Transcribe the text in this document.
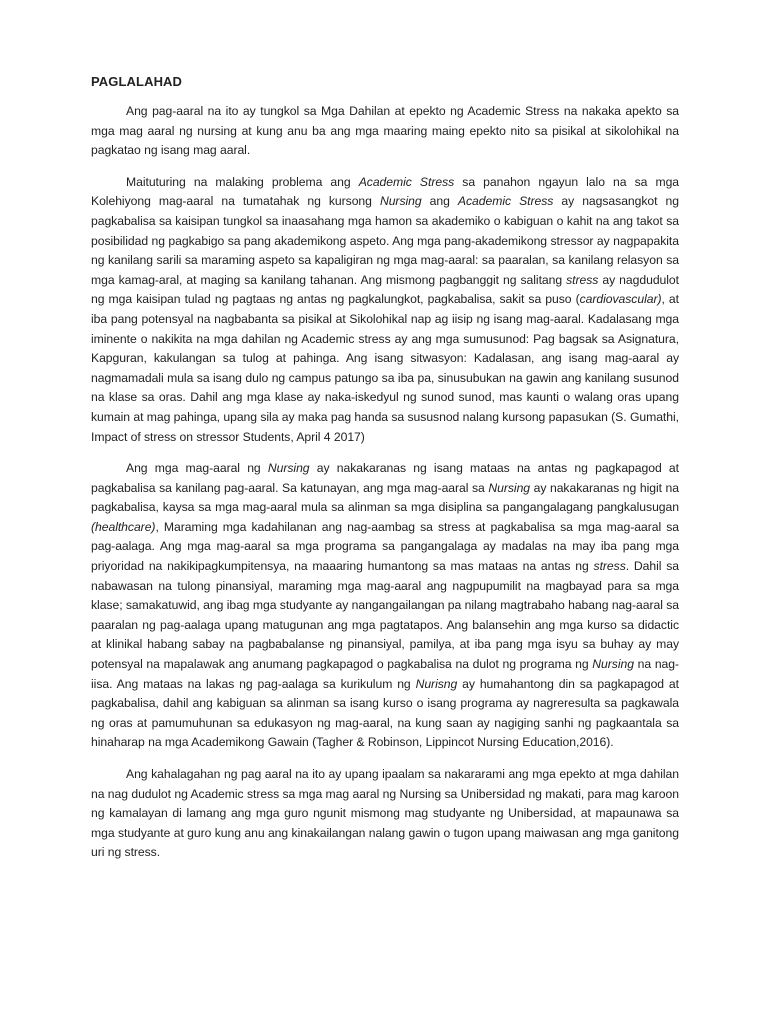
PAGLALAHAD

Ang pag-aaral na ito ay tungkol sa Mga Dahilan at epekto ng Academic Stress na nakaka apekto sa mga mag aaral ng nursing at kung anu ba ang mga maaring maing epekto nito sa pisikal at sikolohikal na pagkatao ng isang mag aaral.

Maituturing na malaking problema ang Academic Stress sa panahon ngayun lalo na sa mga Kolehiyong mag-aaral na tumatahak ng kursong Nursing ang Academic Stress ay nagsasangkot ng pagkabalisa sa kaisipan tungkol sa inaasahang mga hamon sa akademiko o kabiguan o kahit na ang takot sa posibilidad ng pagkabigo sa pang akademikong aspeto. Ang mga pang-akademikong stressor ay nagpapakita ng kanilang sarili sa maraming aspeto sa kapaligiran ng mga mag-aaral: sa paaralan, sa kanilang relasyon sa mga kamag-aral, at maging sa kanilang tahanan. Ang mismong pagbanggit ng salitang stress ay nagdudulot ng mga kaisipan tulad ng pagtaas ng antas ng pagkalungkot, pagkabalisa, sakit sa puso (cardiovascular), at iba pang potensyal na nagbabanta sa pisikal at Sikolohikal nap ag iisip ng isang mag-aaral. Kadalasang mga iminente o nakikita na mga dahilan ng Academic stress ay ang mga sumusunod: Pag bagsak sa Asignatura, Kapguran, kakulangan sa tulog at pahinga. Ang isang sitwasyon: Kadalasan, ang isang mag-aaral ay nagmamadali mula sa isang dulo ng campus patungo sa iba pa, sinusubukan na gawin ang kanilang susunod na klase sa oras. Dahil ang mga klase ay naka-iskedyul ng sunod sunod, mas kaunti o walang oras upang kumain at mag pahinga, upang sila ay maka pag handa sa sususnod nalang kursong papasukan (S. Gumathi, Impact of stress on stressor Students, April 4 2017)

Ang mga mag-aaral ng Nursing ay nakakaranas ng isang mataas na antas ng pagkapagod at pagkabalisa sa kanilang pag-aaral. Sa katunayan, ang mga mag-aaral sa Nursing ay nakakaranas ng higit na pagkabalisa, kaysa sa mga mag-aaral mula sa alinman sa mga disiplina sa pangangalagang pangkalusugan (healthcare), Maraming mga kadahilanan ang nag-aambag sa stress at pagkabalisa sa mga mag-aaral sa pag-aalaga. Ang mga mag-aaral sa mga programa sa pangangalaga ay madalas na may iba pang mga priyoridad na nakikipagkumpitensya, na maaaring humantong sa mas mataas na antas ng stress. Dahil sa nabawasan na tulong pinansiyal, maraming mga mag-aaral ang nagpupumilit na magbayad para sa mga klase; samakatuwid, ang ibag mga studyante ay nangangailangan pa nilang magtrabaho habang nag-aaral sa paaralan ng pag-aalaga upang matugunan ang mga pagtatapos. Ang balansehin ang mga kurso sa didactic at klinikal habang sabay na pagbabalanse ng pinansiyal, pamilya, at iba pang mga isyu sa buhay ay may potensyal na mapalawak ang anumang pagkapagod o pagkabalisa na dulot ng programa ng Nursing na nag-iisa. Ang mataas na lakas ng pag-aalaga sa kurikulum ng Nurisng ay humahantong din sa pagkapagod at pagkabalisa, dahil ang kabiguan sa alinman sa isang kurso o isang programa ay nagreresulta sa pagkawala ng oras at pamumuhunan sa edukasyon ng mag-aaral, na kung saan ay nagiging sanhi ng pagkaantala sa hinaharap na mga Academikong Gawain (Tagher & Robinson, Lippincot Nursing Education,2016).

Ang kahalagahan ng pag aaral na ito ay upang ipaalam sa nakararami ang mga epekto at mga dahilan na nag dudulot ng Academic stress sa mga mag aaral ng Nursing sa Unibersidad ng makati, para mag karoon ng kamalayan di lamang ang mga guro ngunit mismong mag studyante ng Unibersidad, at mapaunawa sa mga studyante at guro kung anu ang kinakailangan nalang gawin o tugon upang maiwasan ang mga ganitong uri ng stress.
